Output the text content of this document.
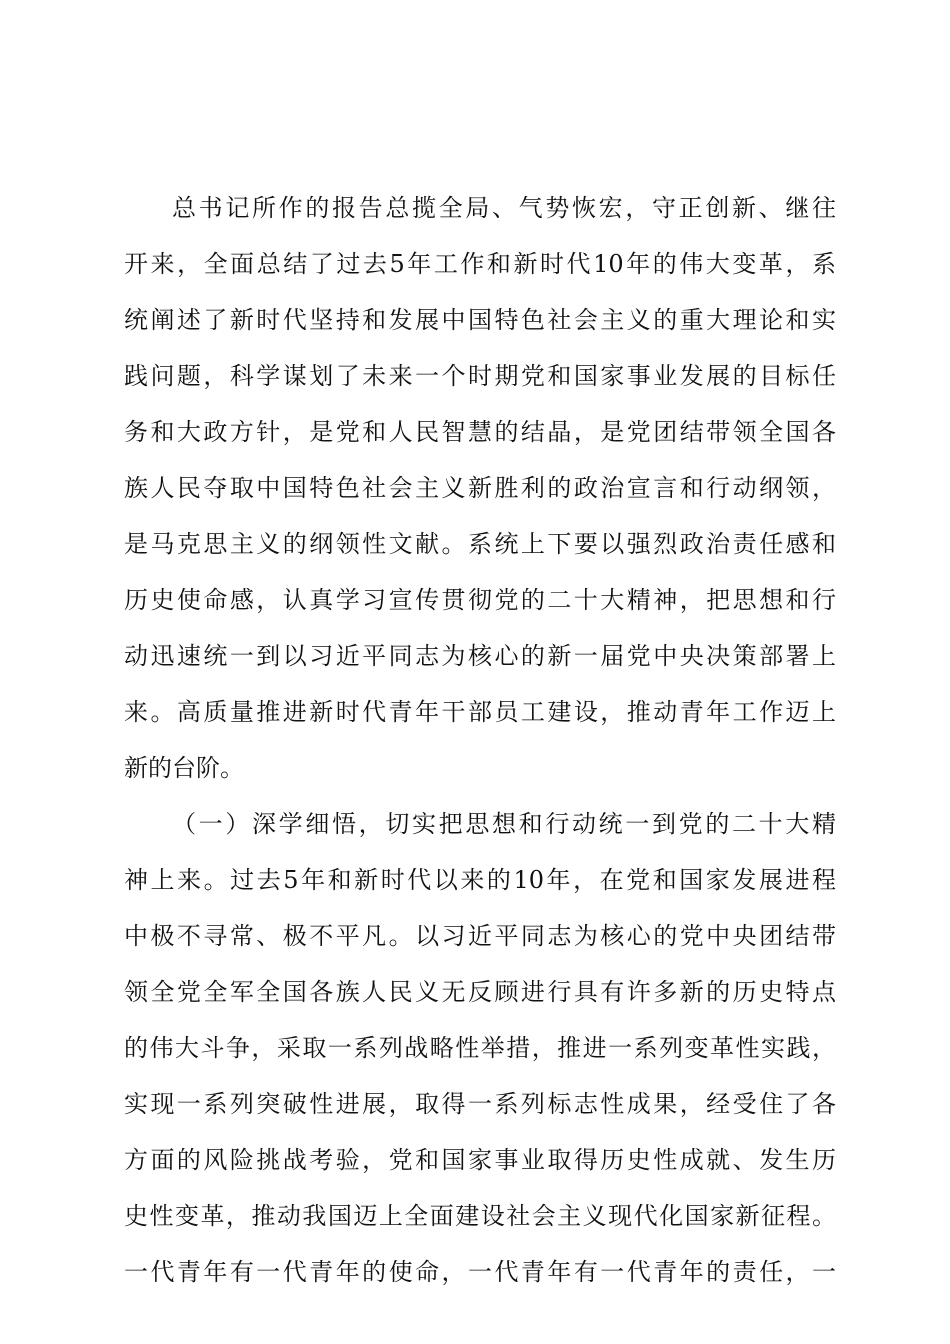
总书记所作的报告总揽全局、气势恢宏，守正创新、继往
开来，全面总结了过去5年工作和新时代10年的伟大变革，系
统阐述了新时代坚持和发展中国特色社会主义的重大理论和实
践问题，科学谋划了未来一个时期党和国家事业发展的目标任
务和大政方针，是党和人民智慧的结晶，是党团结带领全国各
族人民夺取中国特色社会主义新胜利的政治宣言和行动纲领，
是马克思主义的纲领性文献。系统上下要以强烈政治责任感和
历史使命感，认真学习宣传贯彻党的二十大精神，把思想和行
动迅速统一到以习近平同志为核心的新一届党中央决策部署上
来。高质量推进新时代青年干部员工建设，推动青年工作迈上
新的台阶。
（一）深学细悟，切实把思想和行动统一到党的二十大精
神上来。过去5年和新时代以来的10年，在党和国家发展进程
中极不寻常、极不平凡。以习近平同志为核心的党中央团结带
领全党全军全国各族人民义无反顾进行具有许多新的历史特点
的伟大斗争，采取一系列战略性举措，推进一系列变革性实践，
实现一系列突破性进展，取得一系列标志性成果，经受住了各
方面的风险挑战考验，党和国家事业取得历史性成就、发生历
史性变革，推动我国迈上全面建设社会主义现代化国家新征程。
一代青年有一代青年的使命，一代青年有一代青年的责任，一
